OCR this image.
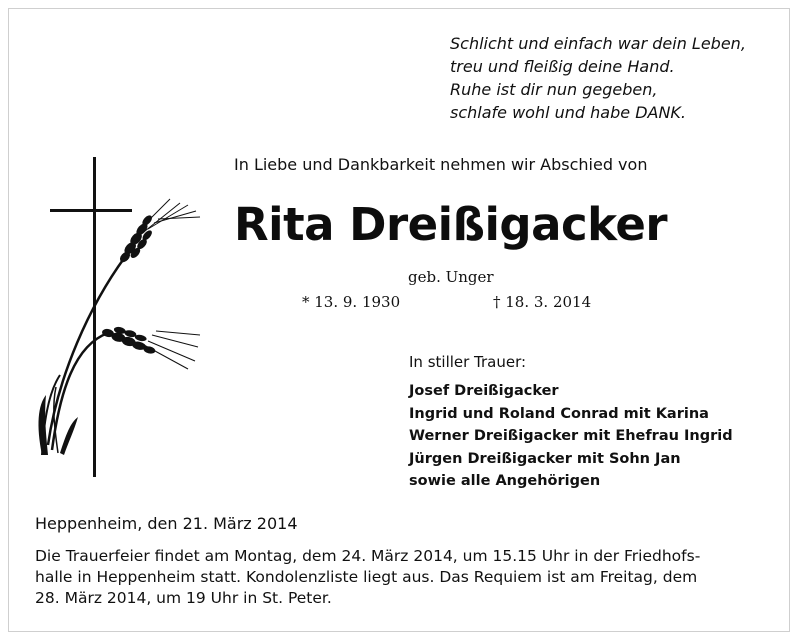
Schlicht und einfach war dein Leben,
treu und fleißig deine Hand.
Ruhe ist dir nun gegeben,
schlafe wohl und habe DANK.
In Liebe und Dankbarkeit nehmen wir Abschied von
Rita Dreißigacker
geb. Unger
* 13. 9. 1930	† 18. 3. 2014
In stiller Trauer:
Josef Dreißigacker
Ingrid und Roland Conrad mit Karina
Werner Dreißigacker mit Ehefrau Ingrid
Jürgen Dreißigacker mit Sohn Jan
sowie alle Angehörigen
Heppenheim, den 21. März 2014
Die Trauerfeier findet am Montag, dem 24. März 2014, um 15.15 Uhr in der Friedhofs-
halle in Heppenheim statt. Kondolenzliste liegt aus. Das Requiem ist am Freitag, dem
28. März 2014, um 19 Uhr in St. Peter.
